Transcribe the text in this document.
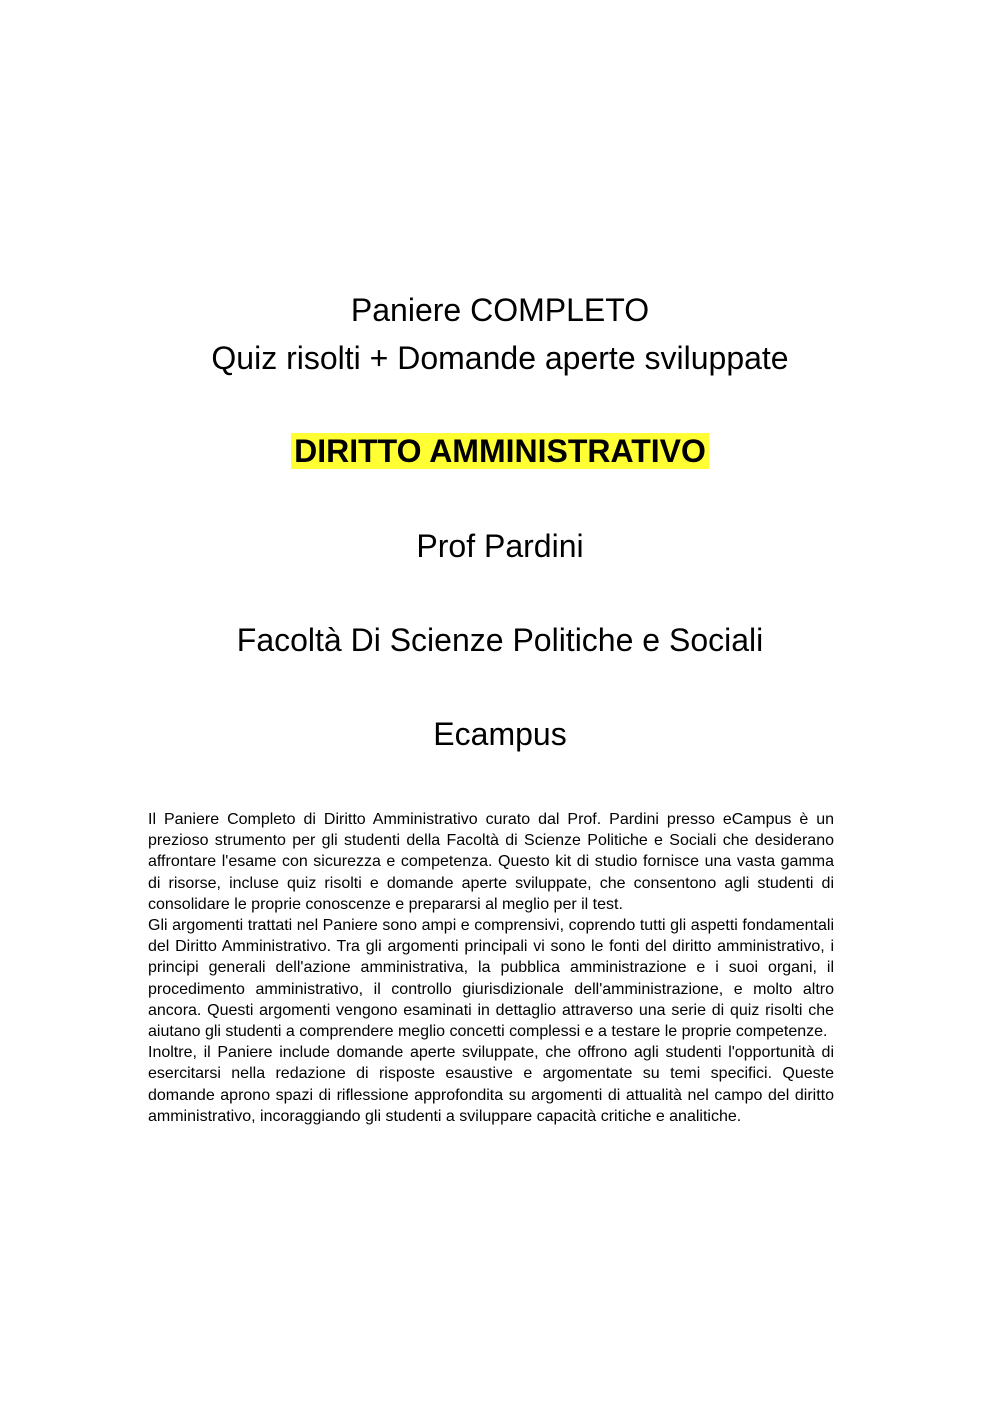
Paniere COMPLETO
Quiz risolti + Domande aperte sviluppate
DIRITTO AMMINISTRATIVO
Prof Pardini
Facoltà Di Scienze Politiche e Sociali
Ecampus

Il Paniere Completo di Diritto Amministrativo curato dal Prof. Pardini presso eCampus è un prezioso strumento per gli studenti della Facoltà di Scienze Politiche e Sociali che desiderano affrontare l'esame con sicurezza e competenza. Questo kit di studio fornisce una vasta gamma di risorse, incluse quiz risolti e domande aperte sviluppate, che consentono agli studenti di consolidare le proprie conoscenze e prepararsi al meglio per il test.

Gli argomenti trattati nel Paniere sono ampi e comprensivi, coprendo tutti gli aspetti fondamentali del Diritto Amministrativo. Tra gli argomenti principali vi sono le fonti del diritto amministrativo, i principi generali dell'azione amministrativa, la pubblica amministrazione e i suoi organi, il procedimento amministrativo, il controllo giurisdizionale dell'amministrazione, e molto altro ancora. Questi argomenti vengono esaminati in dettaglio attraverso una serie di quiz risolti che aiutano gli studenti a comprendere meglio concetti complessi e a testare le proprie competenze.

Inoltre, il Paniere include domande aperte sviluppate, che offrono agli studenti l'opportunità di esercitarsi nella redazione di risposte esaustive e argomentate su temi specifici. Queste domande aprono spazi di riflessione approfondita su argomenti di attualità nel campo del diritto amministrativo, incoraggiando gli studenti a sviluppare capacità critiche e analitiche.
